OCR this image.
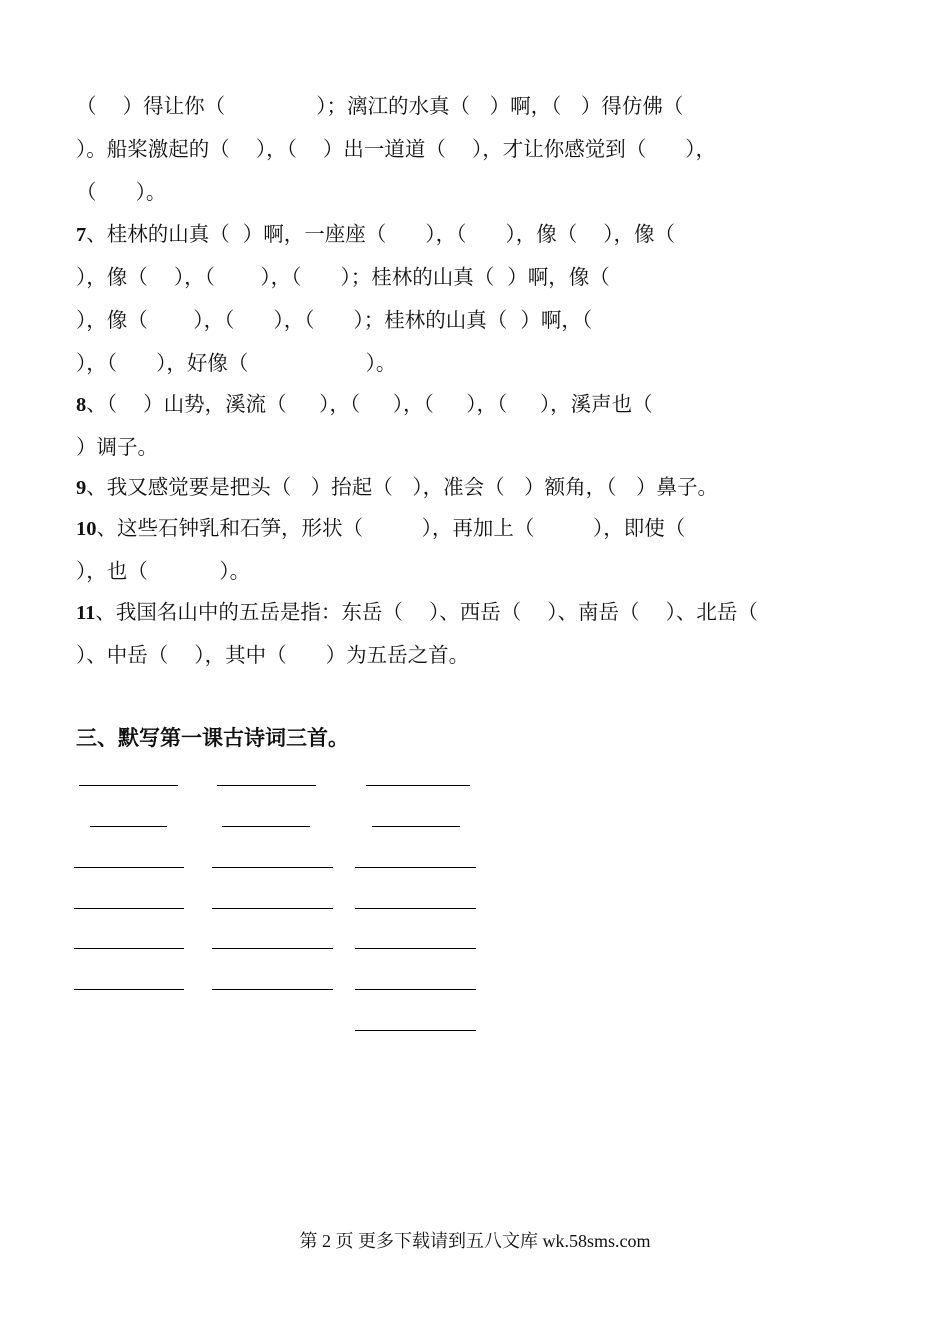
（    ）得让你（              ）；漓江的水真（   ）啊，（   ）得仿佛（
）。船桨激起的（    ），（    ）出一道道（    ），才让你感觉到（      ），
（      ）。
7、桂林的山真（  ）啊，一座座（      ），（      ），像（    ），像（
），像（    ），（       ），（      ）；桂林的山真（  ）啊，像（
），像（       ），（      ），（      ）；桂林的山真（  ）啊，（
），（      ），好像（                  ）。
8、（    ）山势，溪流（     ），（     ），（     ），（     ），溪声也（
）调子。
9、我又感觉要是把头（   ）抬起（   ），准会（   ）额角，（   ）鼻子。
10、这些石钟乳和石笋，形状（         ），再加上（         ），即使（
），也（           ）。
11、我国名山中的五岳是指：东岳（    ）、西岳（    ）、南岳（    ）、北岳（
）、中岳（    ），其中（      ）为五岳之首。
三、默写第一课古诗词三首。
第 2 页 更多下载请到五八文库 wk.58sms.com
